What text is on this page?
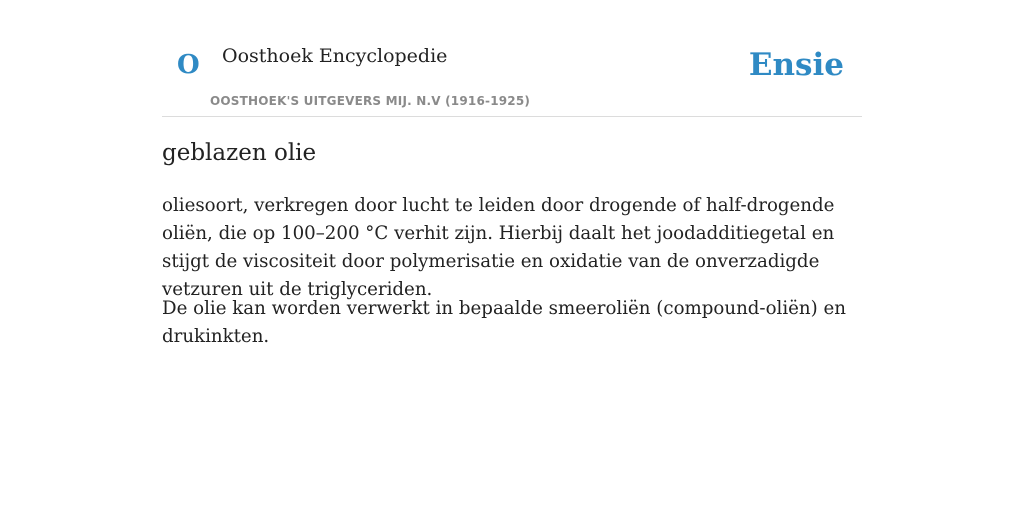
O Oosthoek Encyclopedie
OOSTHOEK'S UITGEVERS MIJ. N.V (1916-1925)
Ensie
geblazen olie

oliesoort, verkregen door lucht te leiden door drogende of half-drogende oliën, die op 100–200 °C verhit zijn. Hierbij daalt het joodadditiegetal en stijgt de viscositeit door polymerisatie en oxidatie van de onverzadigde vetzuren uit de triglyceriden.

De olie kan worden verwerkt in bepaalde smeeroliën (compound-oliën) en drukinkten.
